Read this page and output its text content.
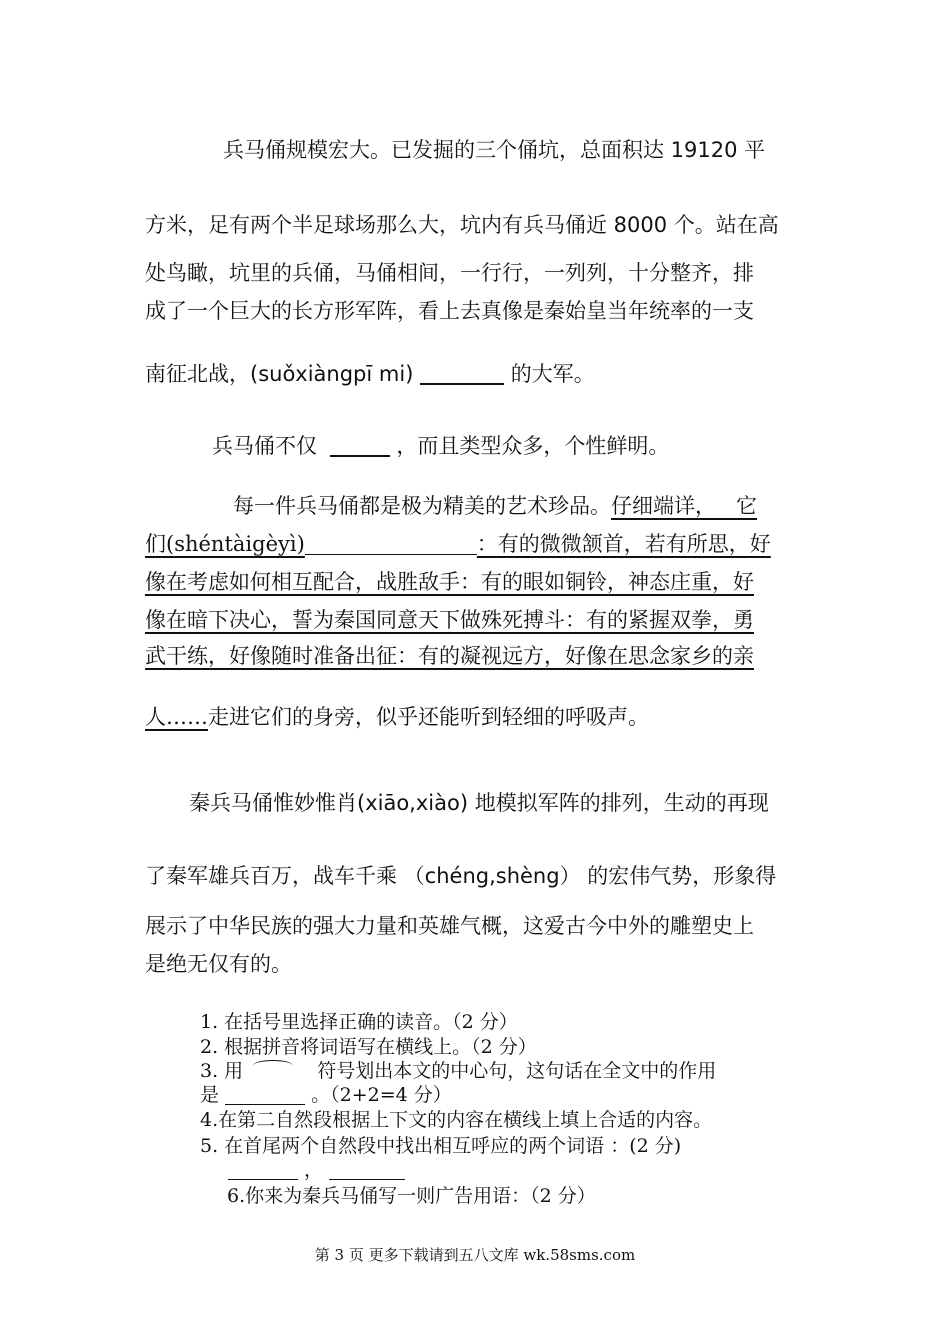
兵马俑规模宏大。已发掘的三个俑坑，总面积达 19120 平
方米，足有两个半足球场那么大，坑内有兵马俑近 8000 个。站在高
处鸟瞰，坑里的兵俑，马俑相间，一行行，一列列，十分整齐，排
成了一个巨大的长方形军阵，看上去真像是秦始皇当年统率的一支
南征北战，(suǒxiàngpī mi)	的大军。
兵马俑不仅	，而且类型众多，个性鲜明。
每一件兵马俑都是极为精美的艺术珍品。仔细端详，   它
们(shéntàigèyì)	：有的微微颔首，若有所思，好
像在考虑如何相互配合，战胜敌手：有的眼如铜铃，神态庄重，好
像在暗下决心，誓为秦国同意天下做殊死搏斗：有的紧握双拳，勇
武干练，好像随时准备出征：有的凝视远方，好像在思念家乡的亲
人……走进它们的身旁，似乎还能听到轻细的呼吸声。
秦兵马俑惟妙惟肖(xiāo,xiào) 地模拟军阵的排列，生动的再现
了秦军雄兵百万，战车千乘 （chéng,shèng） 的宏伟气势，形象得
展示了中华民族的强大力量和英雄气概，这爱古今中外的雕塑史上
是绝无仅有的。
1. 在括号里选择正确的读音。（2 分）
2. 根据拼音将词语写在横线上。（2 分）
3. 用	符号划出本文的中心句，这句话在全文中的作用
是	。（2+2=4 分）
4.在第二自然段根据上下文的内容在横线上填上合适的内容。
5. 在首尾两个自然段中找出相互呼应的两个词语 ：(2 分)
，
6.你来为秦兵马俑写一则广告用语：（2 分）
第 3 页 更多下载请到五八文库 wk.58sms.com
